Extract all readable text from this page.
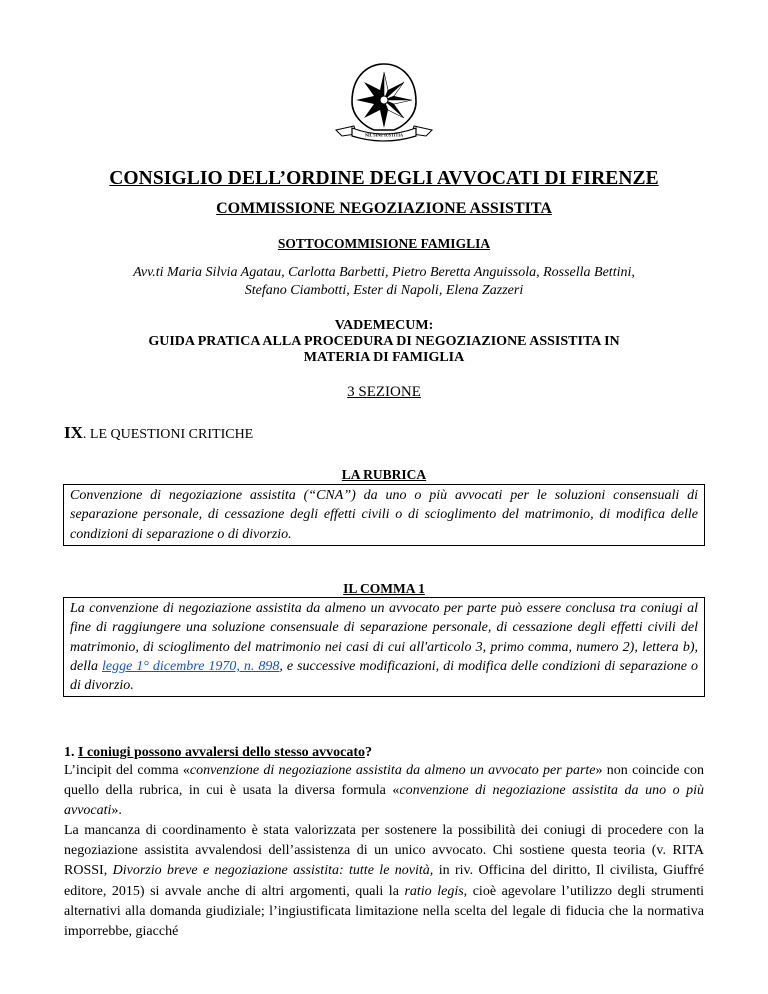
NIL SINE IUSTITIA
CONSIGLIO DELL’ORDINE DEGLI AVVOCATI DI FIRENZE
COMMISSIONE NEGOZIAZIONE ASSISTITA
SOTTOCOMMISIONE FAMIGLIA
Avv.ti Maria Silvia Agatau, Carlotta Barbetti, Pietro Beretta Anguissola, Rossella Bettini, Stefano Ciambotti, Ester di Napoli, Elena Zazzeri
VADEMECUM:
GUIDA PRATICA ALLA PROCEDURA DI NEGOZIAZIONE ASSISTITA IN MATERIA DI FAMIGLIA
3 SEZIONE
IX. LE QUESTIONI CRITICHE
LA RUBRICA
Convenzione di negoziazione assistita (“CNA”) da uno o più avvocati per le soluzioni consensuali di separazione personale, di cessazione degli effetti civili o di scioglimento del matrimonio, di modifica delle condizioni di separazione o di divorzio.
IL COMMA 1
La convenzione di negoziazione assistita da almeno un avvocato per parte può essere conclusa tra coniugi al fine di raggiungere una soluzione consensuale di separazione personale, di cessazione degli effetti civili del matrimonio, di scioglimento del matrimonio nei casi di cui all'articolo 3, primo comma, numero 2), lettera b), della legge 1° dicembre 1970, n. 898, e successive modificazioni, di modifica delle condizioni di separazione o di divorzio.
1. I coniugi possono avvalersi dello stesso avvocato?

L’incipit del comma «convenzione di negoziazione assistita da almeno un avvocato per parte» non coincide con quello della rubrica, in cui è usata la diversa formula «convenzione di negoziazione assistita da uno o più avvocati».

La mancanza di coordinamento è stata valorizzata per sostenere la possibilità dei coniugi di procedere con la negoziazione assistita avvalendosi dell’assistenza di un unico avvocato. Chi sostiene questa teoria (v. RITA ROSSI, Divorzio breve e negoziazione assistita: tutte le novità, in riv. Officina del diritto, Il civilista, Giuffré editore, 2015) si avvale anche di altri argomenti, quali la ratio legis, cioè agevolare l’utilizzo degli strumenti alternativi alla domanda giudiziale; l’ingiustificata limitazione nella scelta del legale di fiducia che la normativa imporrebbe, giacché
